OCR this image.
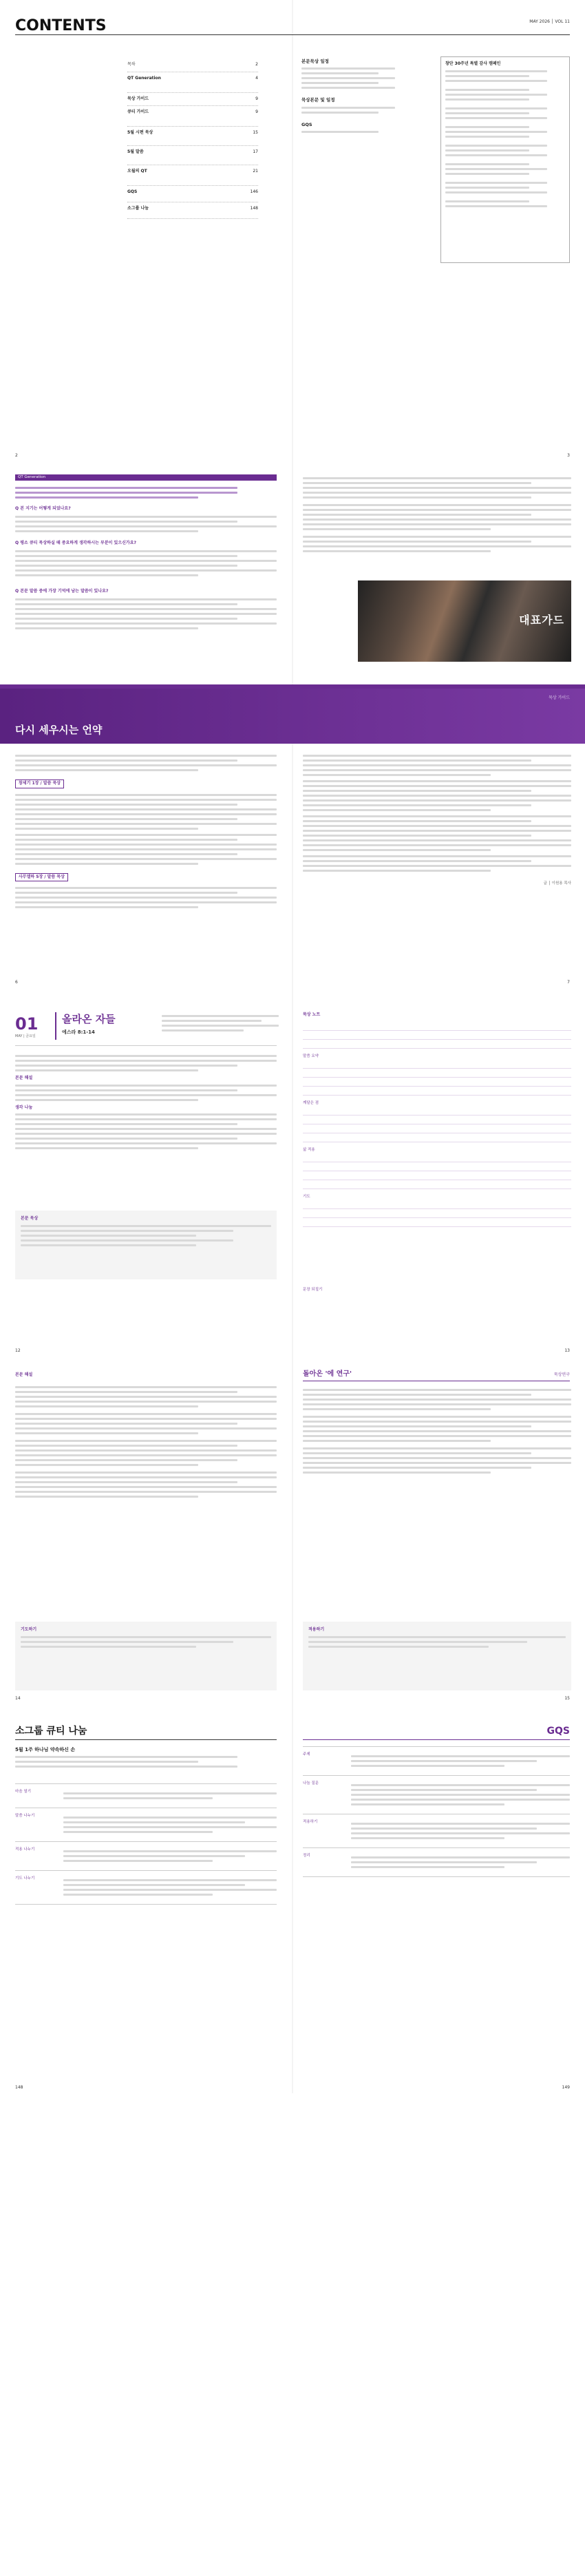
CONTENTS	MAY 2026 │ VOL 11
목차	2
QT Generation	4
묵상 가이드	9
큐티 가이드	9
5월 시편 묵상	15
5월 말씀	17
오월의 QT	21
GQS	146
소그룹 나눔	148
본문묵상 일정
묵상본문 및 일정
GQS
창단 30주년 특별 감사 캠페인
2	3
QT Generation
Q 본 지기는 어떻게 되었나요?
Q 평소 큐티 묵상하실 때 중요하게 생각하시는 부분이 있으신가요?
Q 본문 말씀 중에 가장 기억에 남는 말씀이 있나요?
대표가드
묵상 가이드
다시 세우시는 언약
창세기 1장 / 말씀 묵상
사무엘하 5장 / 말씀 묵상
글 │ 이원용 목사
6	7
01
MAY | 금요일
올라온 자들
에스라 8:1-14
본문 해설
생각 나눔
본문 묵상
묵상 노트
말씀 요약
깨달은 점
삶 적용
기도
문장 되짚기
12	13
본문 해설
기도하기
돌아온 '에 연구'	묵상연구
적용하기
14	15
소그룹 큐티 나눔	GQS
5월 1주 하나님 약속하신 손
마음 열기
말씀 나누기
적용 나누기
기도 나누기
주제
나눔 질문
적용하기
정리
148	149
